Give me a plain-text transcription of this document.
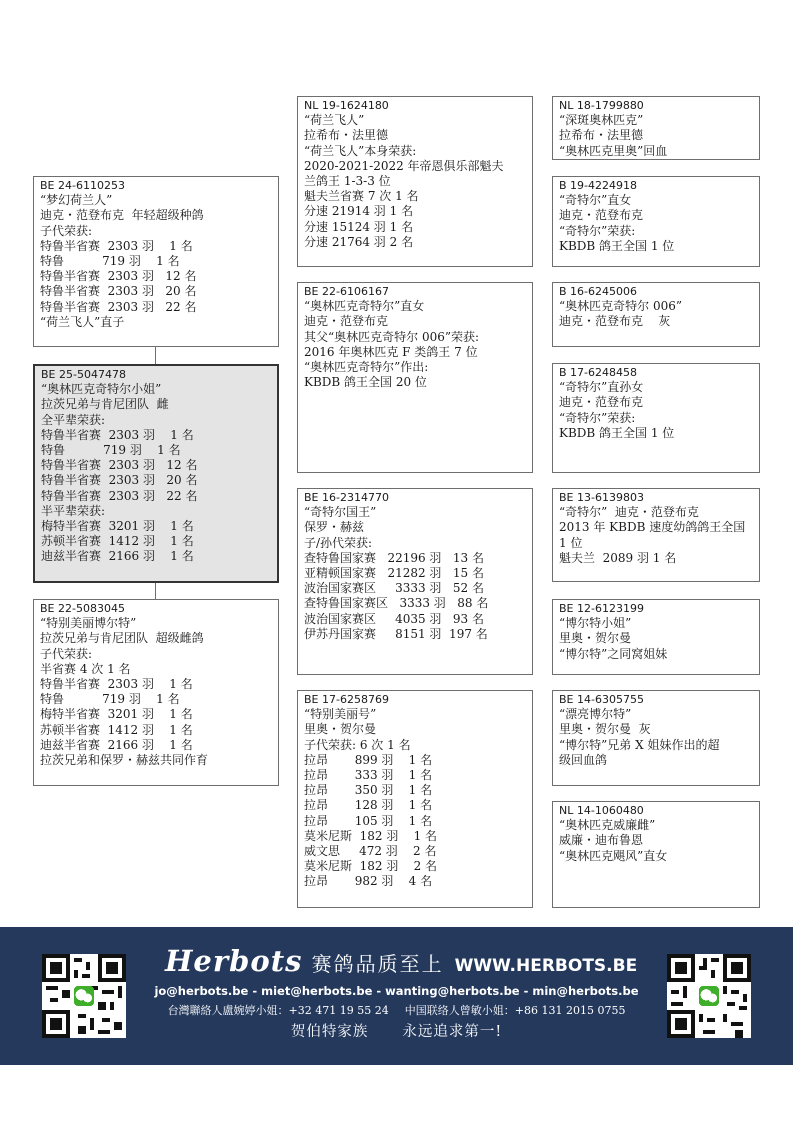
BE 24-6110253
“梦幻荷兰人”
迪克・范登布克  年轻超级种鸽
子代荣获:
特鲁半省赛  2303 羽    1 名
特鲁          719 羽    1 名
特鲁半省赛  2303 羽   12 名
特鲁半省赛  2303 羽   20 名
特鲁半省赛  2303 羽   22 名
“荷兰飞人”直子
BE 25-5047478
“奥林匹克奇特尔小姐”
拉茨兄弟与肯尼团队  雌
全平辈荣获:
特鲁半省赛  2303 羽    1 名
特鲁          719 羽    1 名
特鲁半省赛  2303 羽   12 名
特鲁半省赛  2303 羽   20 名
特鲁半省赛  2303 羽   22 名
半平辈荣获:
梅特半省赛  3201 羽    1 名
苏顿半省赛  1412 羽    1 名
迪兹半省赛  2166 羽    1 名
BE 22-5083045
“特别美丽博尔特”
拉茨兄弟与肯尼团队  超级雌鸽
子代荣获:
半省赛 4 次 1 名
特鲁半省赛  2303 羽    1 名
特鲁          719 羽    1 名
梅特半省赛  3201 羽    1 名
苏顿半省赛  1412 羽    1 名
迪兹半省赛  2166 羽    1 名
拉茨兄弟和保罗・赫兹共同作育
NL 19-1624180
“荷兰飞人”
拉希布・法里德
“荷兰飞人”本身荣获:
2020-2021-2022 年帝恩俱乐部魁夫
兰鸽王 1-3-3 位
魁夫兰省赛 7 次 1 名
分速 21914 羽 1 名
分速 15124 羽 1 名
分速 21764 羽 2 名
BE 22-6106167
“奥林匹克奇特尔”直女
迪克・范登布克
其父“奥林匹克奇特尔 006”荣获:
2016 年奥林匹克 F 类鸽王 7 位
“奥林匹克奇特尔”作出:
KBDB 鸽王全国 20 位
BE 16-2314770
“奇特尔国王”
保罗・赫兹
子/孙代荣获:
查特鲁国家赛   22196 羽   13 名
亚精顿国家赛   21282 羽   15 名
波治国家赛区     3333 羽   52 名
查特鲁国家赛区   3333 羽   88 名
波治国家赛区     4035 羽   93 名
伊苏丹国家赛     8151 羽  197 名
BE 17-6258769
“特别美丽号”
里奥・贺尔曼
子代荣获: 6 次 1 名
拉昂       899 羽    1 名
拉昂       333 羽    1 名
拉昂       350 羽    1 名
拉昂       128 羽    1 名
拉昂       105 羽    1 名
莫米尼斯  182 羽    1 名
威文思     472 羽    2 名
莫米尼斯  182 羽    2 名
拉昂       982 羽    4 名
NL 18-1799880
“深斑奥林匹克”
拉希布・法里德
“奥林匹克里奥”回血
B 19-4224918
“奇特尔”直女
迪克・范登布克
“奇特尔”荣获:
KBDB 鸽王全国 1 位
B 16-6245006
“奥林匹克奇特尔 006”
迪克・范登布克    灰
B 17-6248458
“奇特尔”直孙女
迪克・范登布克
“奇特尔”荣获:
KBDB 鸽王全国 1 位
BE 13-6139803
“奇特尔”  迪克・范登布克
2013 年 KBDB 速度幼鸽鸽王全国
1 位
魁夫兰  2089 羽 1 名
BE 12-6123199
“博尔特小姐”
里奥・贺尔曼
“博尔特”之同窝姐妹
BE 14-6305755
“漂亮博尔特”
里奥・贺尔曼  灰
“博尔特”兄弟 X 姐妹作出的超
级回血鸽
NL 14-1060480
“奥林匹克威廉雌”
威廉・迪布鲁恩
“奥林匹克飓风”直女
Herbots 赛鸽品质至上 WWW.HERBOTS.BE
jo@herbots.be - miet@herbots.be - wanting@herbots.be - min@herbots.be
台灣聯絡人盧婉婷小姐：+32 471 19 55 24 中国联络人曾敏小姐：+86 131 2015 0755
贺伯特家族 永远追求第一!
